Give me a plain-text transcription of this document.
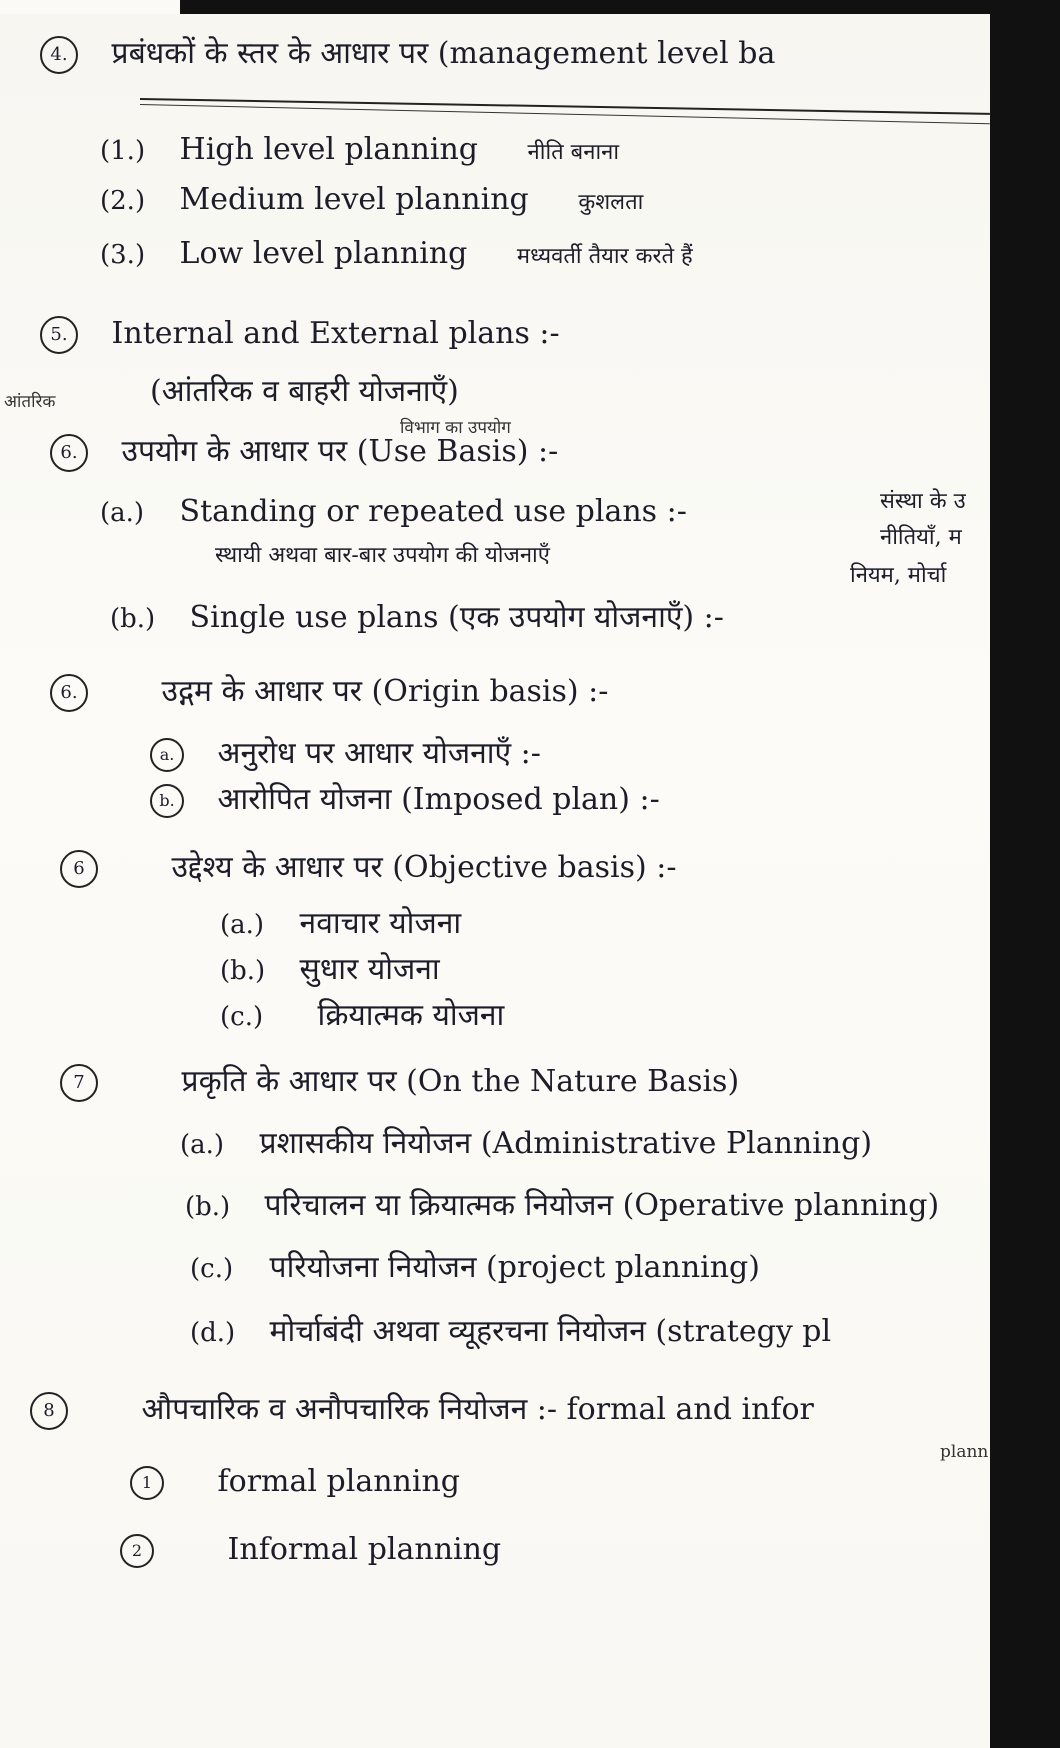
4. प्रबंधकों के स्तर के आधार पर (management level ba
(1.) High level planning नीति बनाना
(2.) Medium level planning कुशलता
(3.) Low level planning मध्यवर्ती तैयार करते हैं
5. Internal and External plans :-
आंतरिक	(आंतरिक व बाहरी योजनाएँ)
विभाग का उपयोग
6. उपयोग के आधार पर (Use Basis) :-
(a.) Standing or repeated use plans :-
स्थायी अथवा बार-बार उपयोग की योजनाएँ
संस्था के उ
नीतियाँ, म
नियम, मोर्चा
(b.) Single use plans (एक उपयोग योजनाएँ) :-
6.	उद्गम के आधार पर (Origin basis) :-
a. अनुरोध पर आधार योजनाएँ :-
b. आरोपित योजना (Imposed plan) :-
6	उद्देश्य के आधार पर (Objective basis) :-
(a.) नवाचार योजना
(b.) सुधार योजना
(c.) क्रियात्मक योजना
7	प्रकृति के आधार पर (On the Nature Basis)
(a.) प्रशासकीय नियोजन (Administrative Planning)
(b.) परिचालन या क्रियात्मक नियोजन (Operative planning)
(c.) परियोजना नियोजन (project planning)
(d.) मोर्चाबंदी अथवा व्यूहरचना नियोजन (strategy pl
8	औपचारिक व अनौपचारिक नियोजन :- formal and infor
plann
1 formal planning
2	Informal planning
